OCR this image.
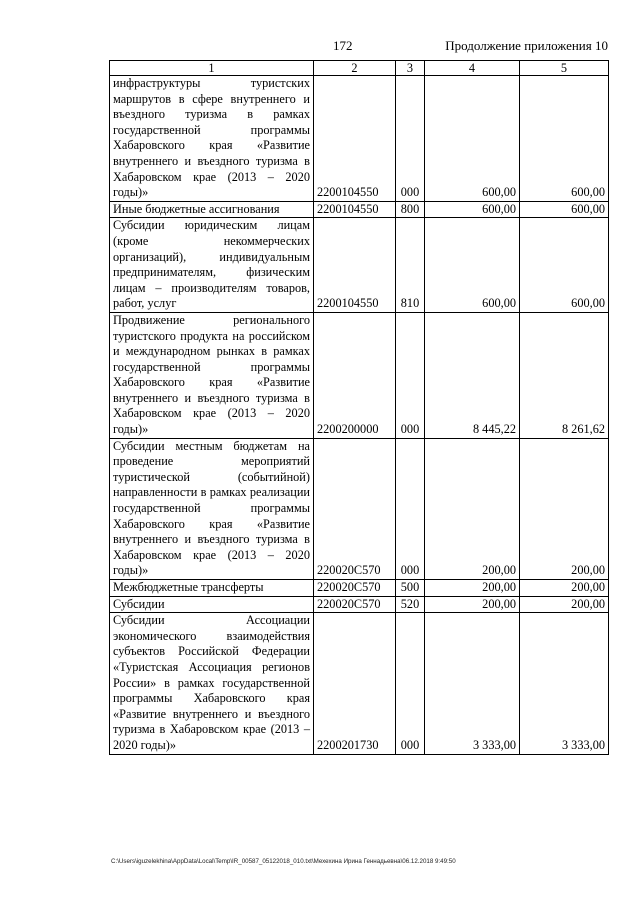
172	Продолжение приложения 10
1	2	3	4	5
инфраструктуры туристских маршрутов в сфере внутреннего и въездного туризма в рамках государственной программы Хабаровского края «Развитие внутреннего и въездного туризма в Хабаровском крае (2013 – 2020 годы)»	2200104550	000	600,00	600,00
Иные бюджетные ассигнования	2200104550	800	600,00	600,00
Субсидии юридическим лицам (кроме некоммерческих организаций), индивидуальным предпринимателям, физическим лицам – производителям товаров, работ, услуг	2200104550	810	600,00	600,00
Продвижение регионального туристского продукта на российском и международном рынках в рамках государственной программы Хабаровского края «Развитие внутреннего и въездного туризма в Хабаровском крае (2013 – 2020 годы)»	2200200000	000	8 445,22	8 261,62
Субсидии местным бюджетам на проведение мероприятий туристической (событийной) направленности в рамках реализации государственной программы Хабаровского края «Развитие внутреннего и въездного туризма в Хабаровском крае (2013 – 2020 годы)»	220020С570	000	200,00	200,00
Межбюджетные трансферты	220020С570	500	200,00	200,00
Субсидии	220020С570	520	200,00	200,00
Субсидии Ассоциации экономического взаимодействия субъектов Российской Федерации «Туристская Ассоциация регионов России» в рамках государственной программы Хабаровского края «Развитие внутреннего и въездного туризма в Хабаровском крае (2013 – 2020 годы)»	2200201730	000	3 333,00	3 333,00
C:\Users\iguzelekhina\AppData\Local\Temp\IR_00587_05122018_010.txt\Мехехина Ирина Геннадьевна\06.12.2018 9:49:50
